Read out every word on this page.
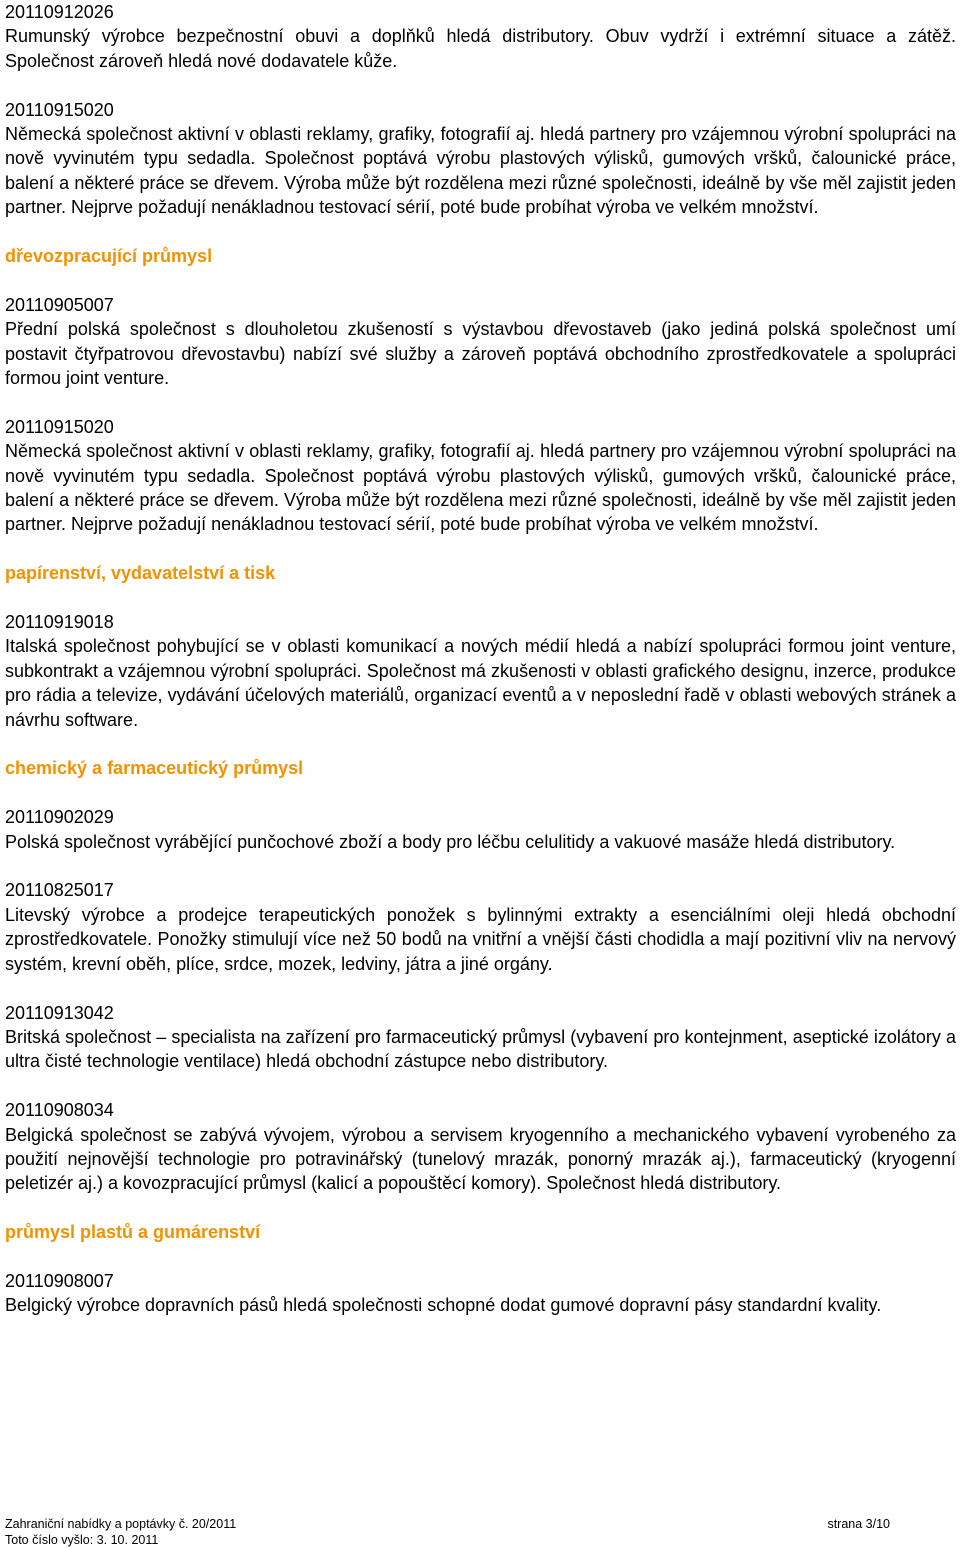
20110912026
Rumunský výrobce bezpečnostní obuvi a doplňků hledá distributory. Obuv vydrží i extrémní situace a zátěž. Společnost zároveň hledá nové dodavatele kůže.
20110915020
Německá společnost aktivní v oblasti reklamy, grafiky, fotografií aj. hledá partnery pro vzájemnou výrobní spolupráci na nově vyvinutém typu sedadla. Společnost poptává výrobu plastových výlisků, gumových vršků, čalounické práce, balení a některé práce se dřevem. Výroba může být rozdělena mezi různé společnosti, ideálně by vše měl zajistit jeden partner. Nejprve požadují nenákladnou testovací sérií, poté bude probíhat výroba ve velkém množství.
dřevozpracující průmysl
20110905007
Přední polská společnost s dlouholetou zkušeností s výstavbou dřevostaveb (jako jediná polská společnost umí postavit čtyřpatrovou dřevostavbu) nabízí své služby a zároveň poptává obchodního zprostředkovatele a spolupráci formou joint venture.
20110915020
Německá společnost aktivní v oblasti reklamy, grafiky, fotografií aj. hledá partnery pro vzájemnou výrobní spolupráci na nově vyvinutém typu sedadla. Společnost poptává výrobu plastových výlisků, gumových vršků, čalounické práce, balení a některé práce se dřevem. Výroba může být rozdělena mezi různé společnosti, ideálně by vše měl zajistit jeden partner. Nejprve požadují nenákladnou testovací sérií, poté bude probíhat výroba ve velkém množství.
papírenství, vydavatelství a tisk
20110919018
Italská společnost pohybující se v oblasti komunikací a nových médií hledá a nabízí spolupráci formou joint venture, subkontrakt a vzájemnou výrobní spolupráci. Společnost má zkušenosti v oblasti grafického designu, inzerce, produkce pro rádia a televize, vydávání účelových materiálů, organizací eventů a v neposlední řadě v oblasti webových stránek a návrhu software.
chemický a farmaceutický průmysl
20110902029
Polská společnost vyrábějící punčochové zboží a body pro léčbu celulitidy a vakuové masáže hledá distributory.
20110825017
Litevský výrobce a prodejce terapeutických ponožek s bylinnými extrakty a esenciálními oleji hledá obchodní zprostředkovatele. Ponožky stimulují více než 50 bodů na vnitřní a vnější části chodidla a mají pozitivní vliv na nervový systém, krevní oběh, plíce, srdce, mozek, ledviny, játra a jiné orgány.
20110913042
Britská společnost – specialista na zařízení pro farmaceutický průmysl (vybavení pro kontejnment, aseptické izolátory a ultra čisté technologie ventilace) hledá obchodní zástupce nebo distributory.
20110908034
Belgická společnost se zabývá vývojem, výrobou a servisem kryogenního a mechanického vybavení vyrobeného za použití nejnovější technologie pro potravinářský (tunelový mrazák, ponorný mrazák aj.), farmaceutický (kryogenní peletizér aj.) a kovozpracující průmysl (kalicí a popouštěcí komory). Společnost hledá distributory.
průmysl plastů a gumárenství
20110908007
Belgický výrobce dopravních pásů hledá společnosti schopné dodat gumové dopravní pásy standardní kvality.
Zahraniční nabídky a poptávky č. 20/2011	strana 3/10
Toto číslo vyšlo: 3. 10. 2011
